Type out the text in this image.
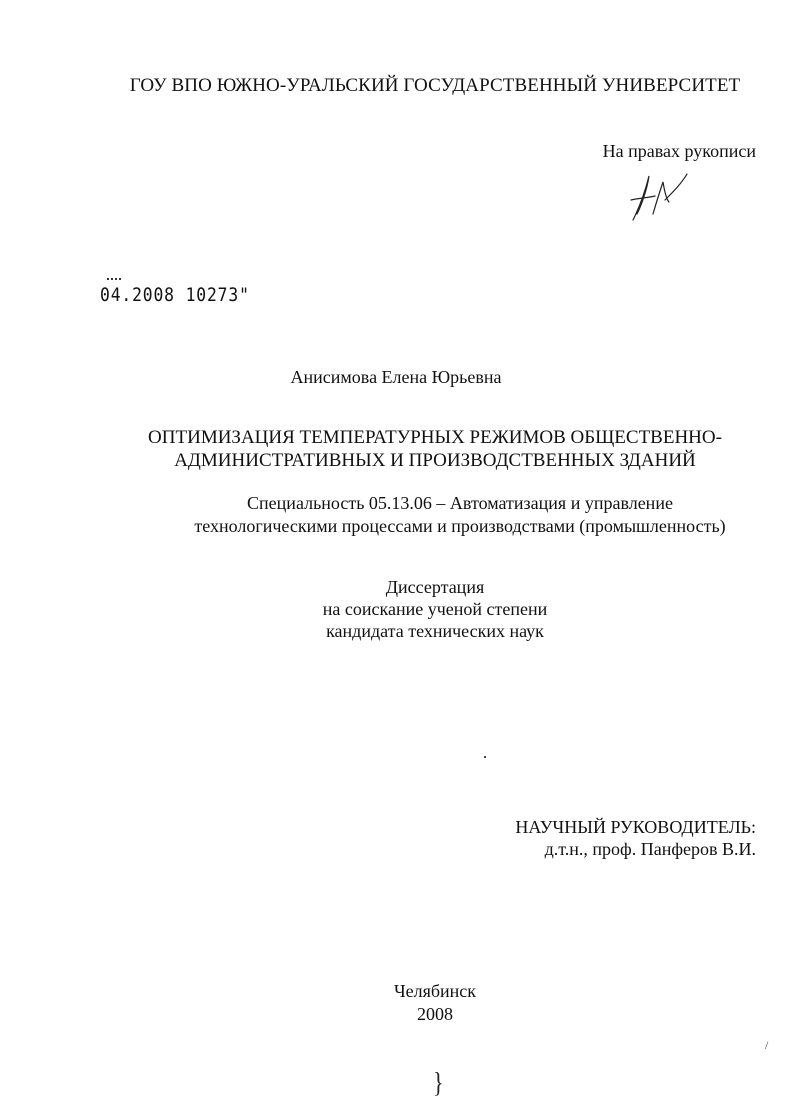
ГОУ ВПО ЮЖНО-УРАЛЬСКИЙ ГОСУДАРСТВЕННЫЙ УНИВЕРСИТЕТ
На правах рукописи
04.2008 10273"
Анисимова Елена Юрьевна
ОПТИМИЗАЦИЯ ТЕМПЕРАТУРНЫХ РЕЖИМОВ ОБЩЕСТВЕННО-
АДМИНИСТРАТИВНЫХ И ПРОИЗВОДСТВЕННЫХ ЗДАНИЙ
Специальность 05.13.06 – Автоматизация и управление
технологическими процессами и производствами (промышленность)
Диссертация
на соискание ученой степени
кандидата технических наук
НАУЧНЫЙ РУКОВОДИТЕЛЬ:
д.т.н., проф. Панферов В.И.
Челябинск
2008
/
}
